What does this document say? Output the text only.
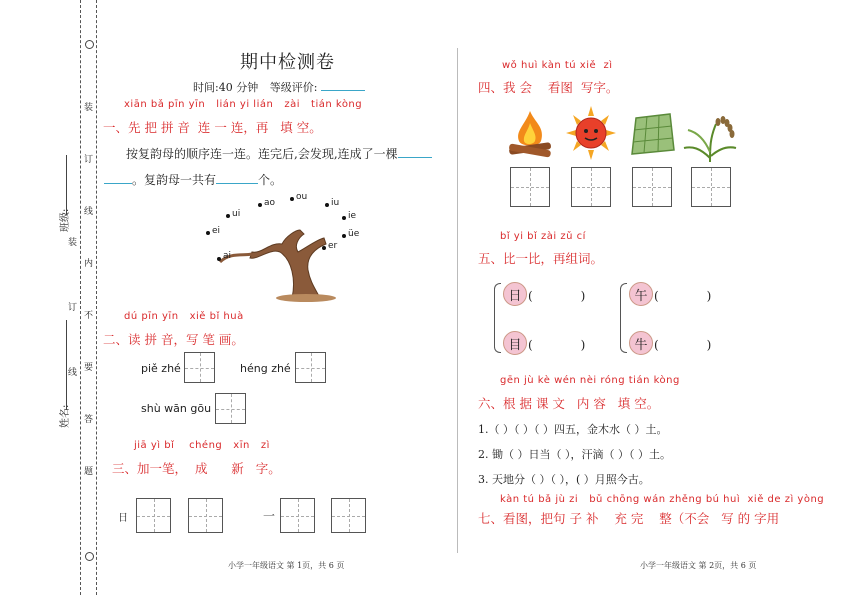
装
订
线
内
不
要
答
题
装
订
线
班级:
姓名:
期中检测卷
时间:40 分钟 等级评价:
xiān bǎ pīn yīn   lián yi lián   zài   tián kòng
一、先 把 拼 音  连 一 连，再   填 空。
按复韵母的顺序连一连。连完后,会发现,连成了一棵
。复韵母一共有	个。
ao
ou
iu
ui	ie
ei	üe
er
ai
dú pīn yīn   xiě bǐ huà
二、读 拼 音，写 笔 画。
piě zhé	héng zhé
shù wān gōu
jiā yì bǐ    chéng   xīn   zì
三、加一笔，  成      新   字。
日	一
小学一年级语文 第 1页，共 6 页
wǒ huì kàn tú xiě  zì
四、我 会    看图  写字。
bǐ yi bǐ zài zǔ cí
五、比一比，再组词。
日 (　　　　)
目 (　　　　)
午 (　　　　)
牛 (　　　　)
gēn jù kè wén nèi róng tián kòng
六、根 据 课 文   内 容   填 空。
1.（ ）（ ）（ ）四五，金木水（ ）土。
2. 锄（ ）日当（ ），汗滴（ ）（ ）土。
3. 天地分（ ）（ ），( ）月照今古。
kàn tú bǎ jù zi   bǔ chōng wán zhěng bú huì  xiě de zì yòng
七、看图，把句 子 补    充 完    整（不会   写 的 字用
小学一年级语文 第 2页，共 6 页
